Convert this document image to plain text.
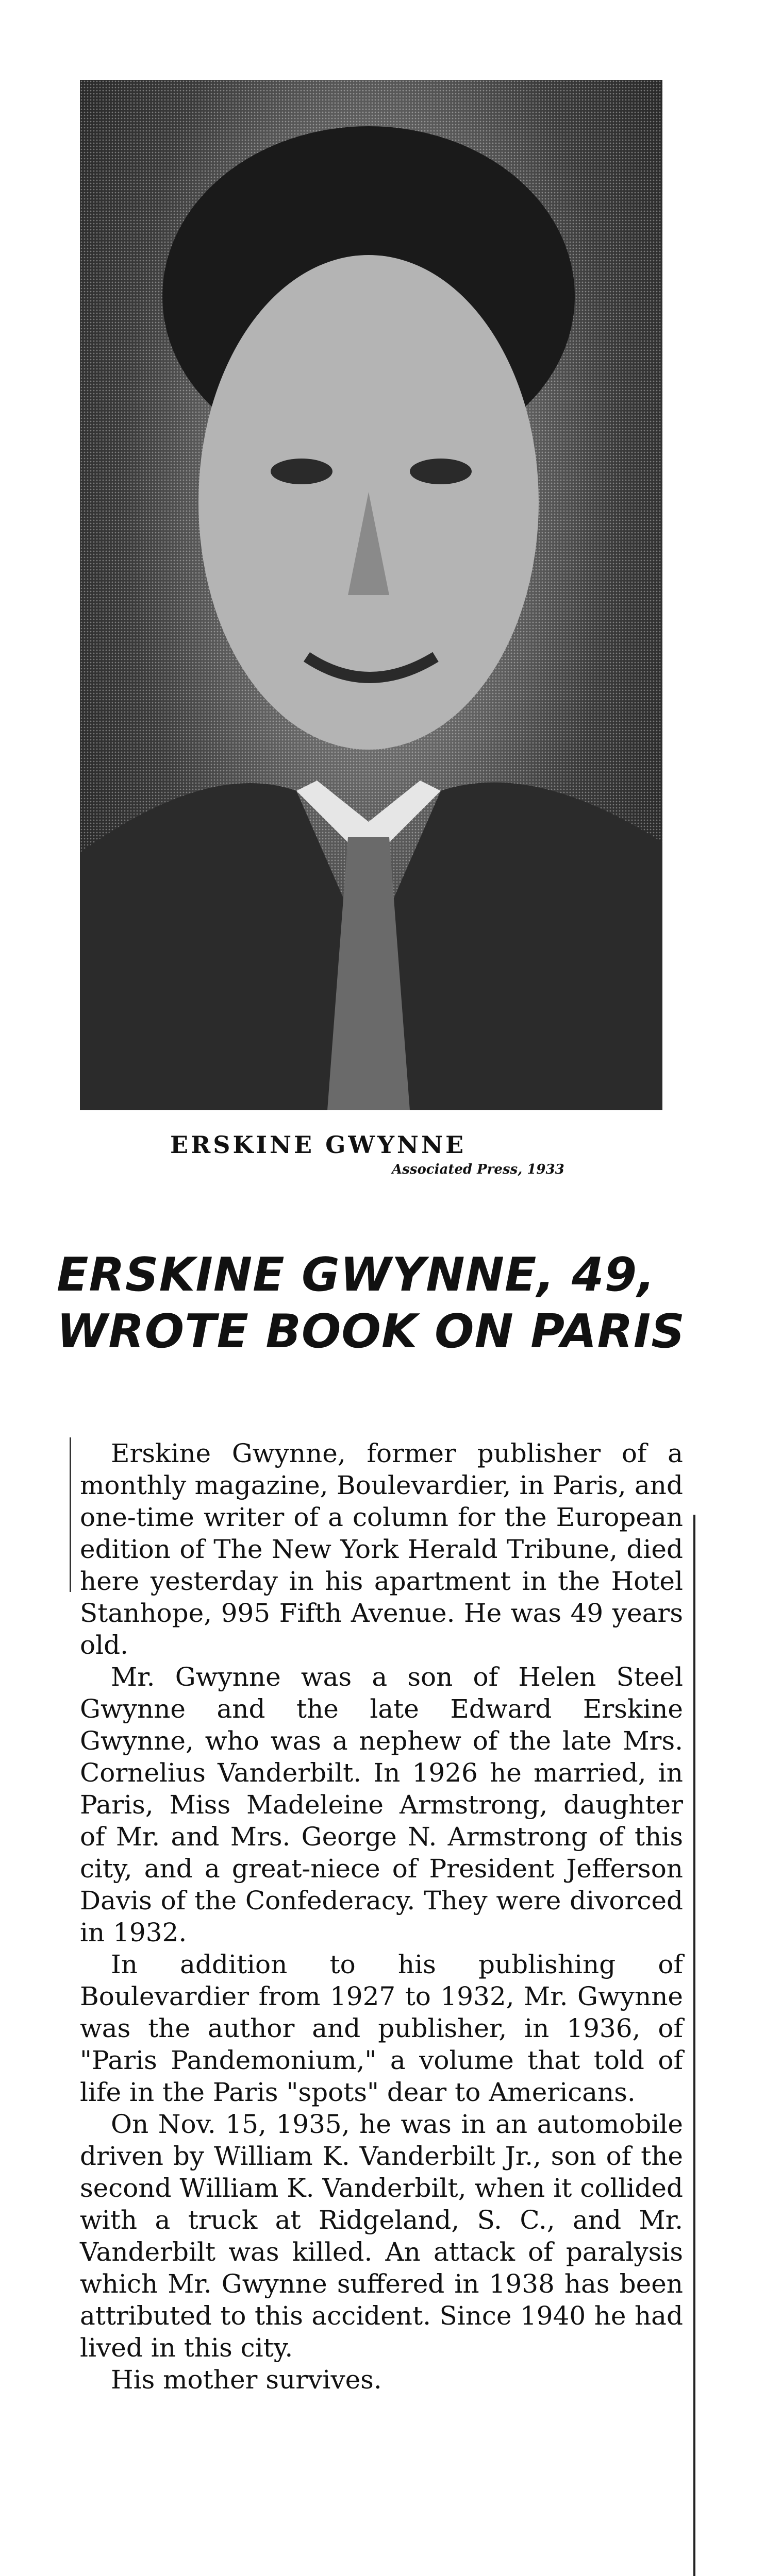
ERSKINE GWYNNE
Associated Press, 1933
ERSKINE GWYNNE, 49,
WROTE BOOK ON PARIS

Erskine Gwynne, former publisher of a monthly magazine, Boulevardier, in Paris, and one-time writer of a column for the European edition of The New York Herald Tribune, died here yesterday in his apartment in the Hotel Stanhope, 995 Fifth Avenue. He was 49 years old.

Mr. Gwynne was a son of Helen Steel Gwynne and the late Edward Erskine Gwynne, who was a nephew of the late Mrs. Cornelius Vanderbilt. In 1926 he married, in Paris, Miss Madeleine Armstrong, daughter of Mr. and Mrs. George N. Armstrong of this city, and a great-niece of President Jefferson Davis of the Confederacy. They were divorced in 1932.

In addition to his publishing of Boulevardier from 1927 to 1932, Mr. Gwynne was the author and publisher, in 1936, of "Paris Pandemonium," a volume that told of life in the Paris "spots" dear to Americans.

On Nov. 15, 1935, he was in an automobile driven by William K. Vanderbilt Jr., son of the second William K. Vanderbilt, when it collided with a truck at Ridgeland, S. C., and Mr. Vanderbilt was killed. An attack of paralysis which Mr. Gwynne suffered in 1938 has been attributed to this accident. Since 1940 he had lived in this city.

His mother survives.
